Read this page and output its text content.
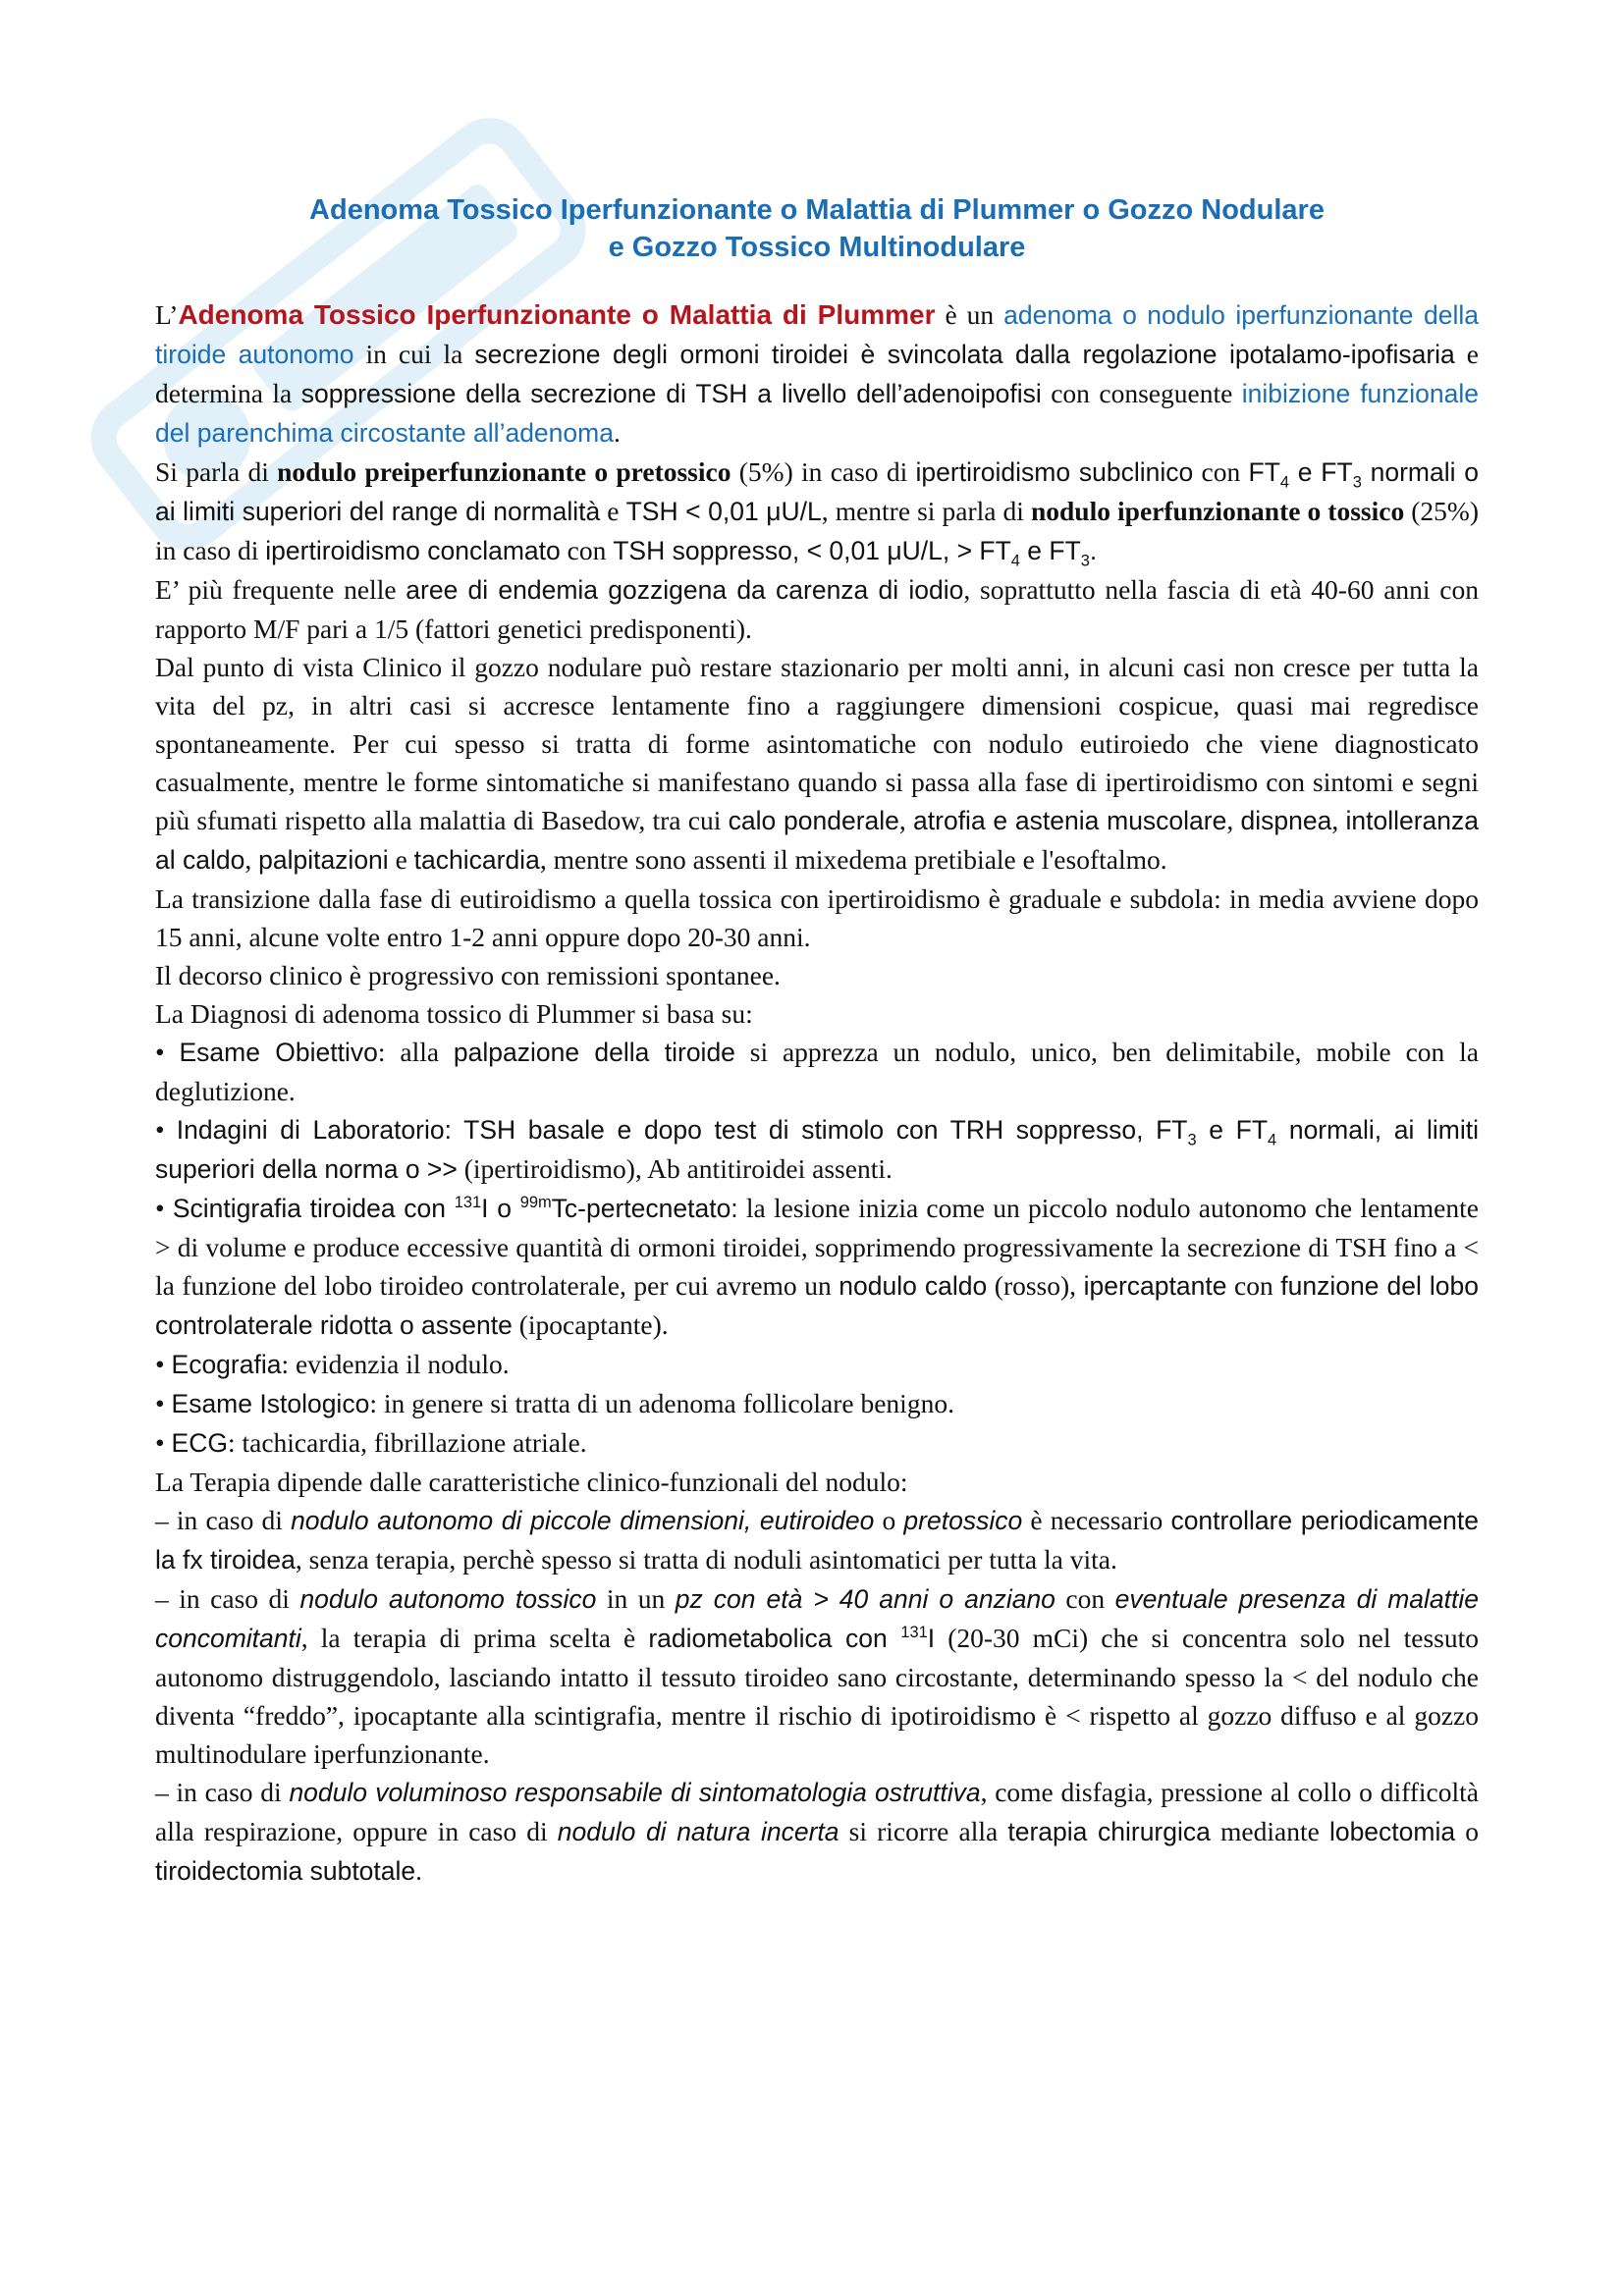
Adenoma Tossico Iperfunzionante o Malattia di Plummer o Gozzo Nodulare
e Gozzo Tossico Multinodulare

L’Adenoma Tossico Iperfunzionante o Malattia di Plummer è un adenoma o nodulo iperfunzionante della tiroide autonomo in cui la secrezione degli ormoni tiroidei è svincolata dalla regolazione ipotalamo-ipofisaria e determina la soppressione della secrezione di TSH a livello dell’adenoipofisi con conseguente inibizione funzionale del parenchima circostante all’adenoma.

Si parla di nodulo preiperfunzionante o pretossico (5%) in caso di ipertiroidismo subclinico con $FT_4$ e $FT_3$ normali o ai limiti superiori del range di normalità e TSH < 0,01 μU/L, mentre si parla di nodulo iperfunzionante o tossico (25%) in caso di ipertiroidismo conclamato con TSH soppresso, < 0,01 μU/L, > $FT_4$ e $FT_3$.

E’ più frequente nelle aree di endemia gozzigena da carenza di iodio, soprattutto nella fascia di età 40-60 anni con rapporto M/F pari a 1/5 (fattori genetici predisponenti).

Dal punto di vista Clinico il gozzo nodulare può restare stazionario per molti anni, in alcuni casi non cresce per tutta la vita del pz, in altri casi si accresce lentamente fino a raggiungere dimensioni cospicue, quasi mai regredisce spontaneamente. Per cui spesso si tratta di forme asintomatiche con nodulo eutiroiedo che viene diagnosticato casualmente, mentre le forme sintomatiche si manifestano quando si passa alla fase di ipertiroidismo con sintomi e segni più sfumati rispetto alla malattia di Basedow, tra cui calo ponderale, atrofia e astenia muscolare, dispnea, intolleranza al caldo, palpitazioni e tachicardia, mentre sono assenti il mixedema pretibiale e l'esoftalmo.

La transizione dalla fase di eutiroidismo a quella tossica con ipertiroidismo è graduale e subdola: in media avviene dopo 15 anni, alcune volte entro 1-2 anni oppure dopo 20-30 anni.

Il decorso clinico è progressivo con remissioni spontanee.

La Diagnosi di adenoma tossico di Plummer si basa su:

• Esame Obiettivo: alla palpazione della tiroide si apprezza un nodulo, unico, ben delimitabile, mobile con la deglutizione.

• Indagini di Laboratorio: TSH basale e dopo test di stimolo con TRH soppresso, $FT_3$ e $FT_4$ normali, ai limiti superiori della norma o >> (ipertiroidismo), Ab antitiroidei assenti.

• Scintigrafia tiroidea con $^{131}$I o $^{99m}$Tc-pertecnetato: la lesione inizia come un piccolo nodulo autonomo che lentamente > di volume e produce eccessive quantità di ormoni tiroidei, sopprimendo progressivamente la secrezione di TSH fino a < la funzione del lobo tiroideo controlaterale, per cui avremo un nodulo caldo (rosso), ipercaptante con funzione del lobo controlaterale ridotta o assente (ipocaptante).

• Ecografia: evidenzia il nodulo.

• Esame Istologico: in genere si tratta di un adenoma follicolare benigno.

• ECG: tachicardia, fibrillazione atriale.

La Terapia dipende dalle caratteristiche clinico-funzionali del nodulo:

– in caso di nodulo autonomo di piccole dimensioni, eutiroideo o pretossico è necessario controllare periodicamente la fx tiroidea, senza terapia, perchè spesso si tratta di noduli asintomatici per tutta la vita.

– in caso di nodulo autonomo tossico in un pz con età > 40 anni o anziano con eventuale presenza di malattie concomitanti, la terapia di prima scelta è radiometabolica con $^{131}$I (20-30 mCi) che si concentra solo nel tessuto autonomo distruggendolo, lasciando intatto il tessuto tiroideo sano circostante, determinando spesso la < del nodulo che diventa “freddo”, ipocaptante alla scintigrafia, mentre il rischio di ipotiroidismo è < rispetto al gozzo diffuso e al gozzo multinodulare iperfunzionante.

– in caso di nodulo voluminoso responsabile di sintomatologia ostruttiva, come disfagia, pressione al collo o difficoltà alla respirazione, oppure in caso di nodulo di natura incerta si ricorre alla terapia chirurgica mediante lobectomia o tiroidectomia subtotale.
